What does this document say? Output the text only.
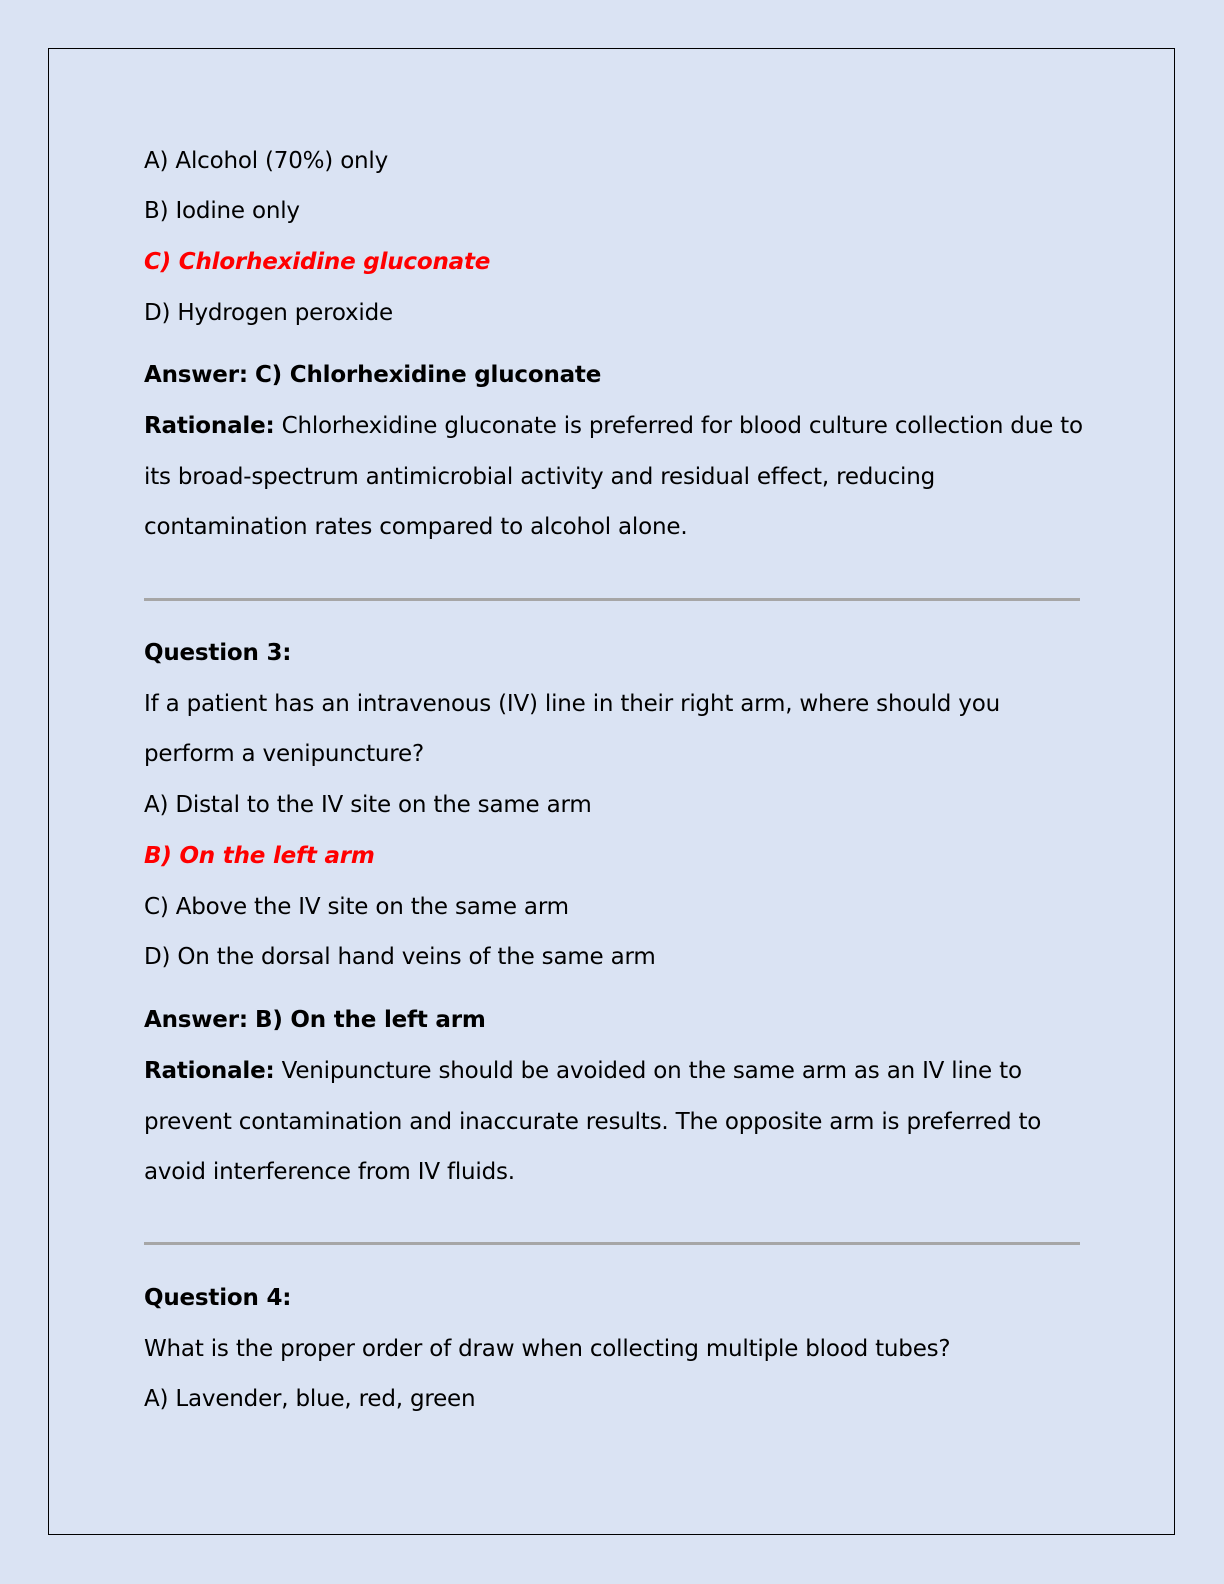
A) Alcohol (70%) only
B) Iodine only
C) Chlorhexidine gluconate
D) Hydrogen peroxide
Answer: C) Chlorhexidine gluconate
Rationale: Chlorhexidine gluconate is preferred for blood culture collection due to
its broad-spectrum antimicrobial activity and residual effect, reducing
contamination rates compared to alcohol alone.
Question 3:
If a patient has an intravenous (IV) line in their right arm, where should you
perform a venipuncture?
A) Distal to the IV site on the same arm
B) On the left arm
C) Above the IV site on the same arm
D) On the dorsal hand veins of the same arm
Answer: B) On the left arm
Rationale: Venipuncture should be avoided on the same arm as an IV line to
prevent contamination and inaccurate results. The opposite arm is preferred to
avoid interference from IV fluids.
Question 4:
What is the proper order of draw when collecting multiple blood tubes?
A) Lavender, blue, red, green
